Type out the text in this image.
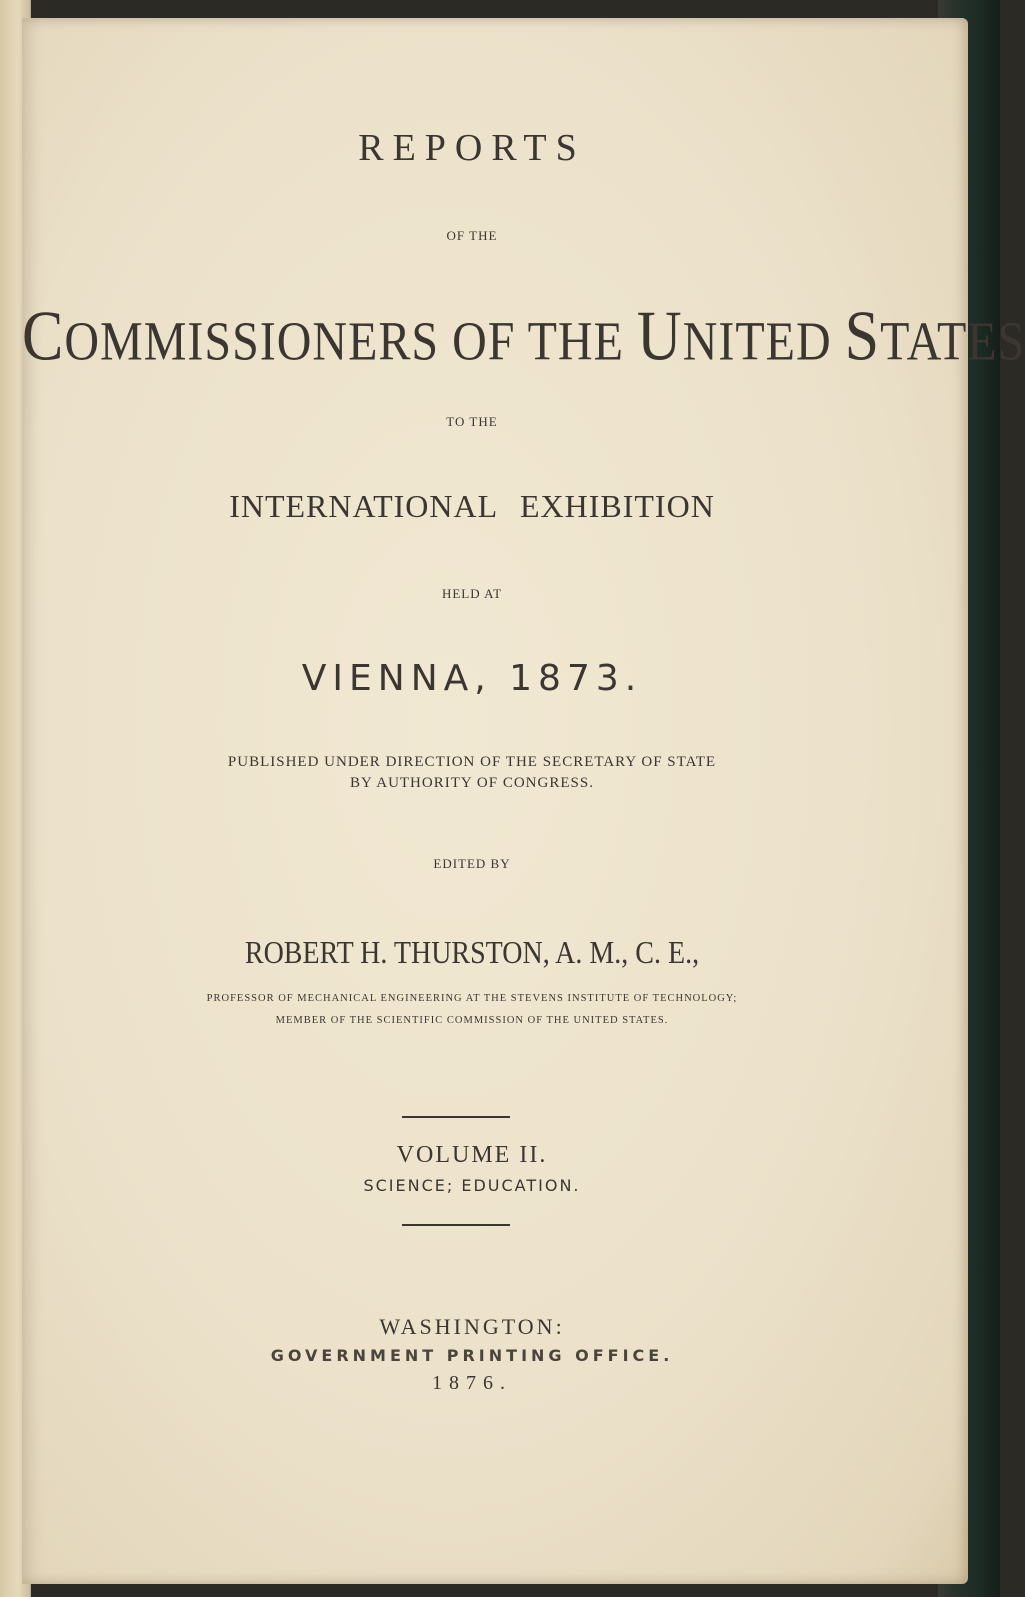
REPORTS
OF THE
COMMISSIONERS OF THE UNITED STATES
TO THE
INTERNATIONAL EXHIBITION
HELD AT
VIENNA, 1873.
PUBLISHED UNDER DIRECTION OF THE SECRETARY OF STATE
BY AUTHORITY OF CONGRESS.
EDITED BY
ROBERT H. THURSTON, A. M., C. E.,
PROFESSOR OF MECHANICAL ENGINEERING AT THE STEVENS INSTITUTE OF TECHNOLOGY;
MEMBER OF THE SCIENTIFIC COMMISSION OF THE UNITED STATES.
VOLUME II.
SCIENCE; EDUCATION.
WASHINGTON:
GOVERNMENT PRINTING OFFICE.
1876.
